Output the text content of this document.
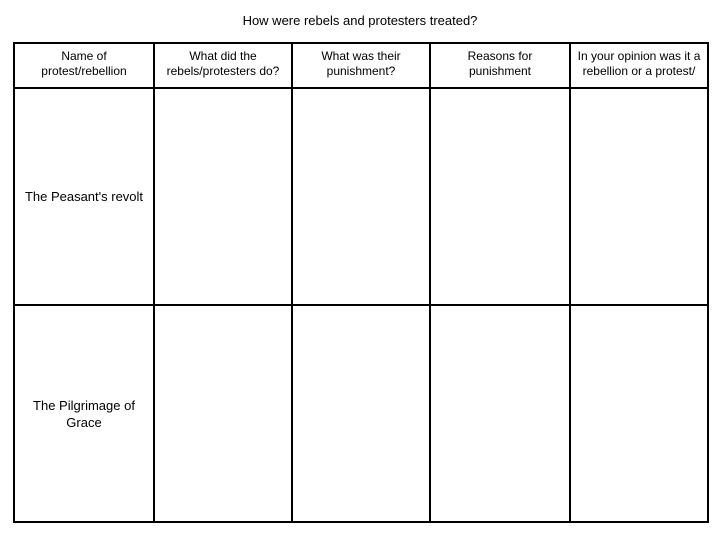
How were rebels and protesters treated?
Name of protest/rebellion	What did the rebels/protesters do?	What was their punishment?	Reasons for punishment	In your opinion was it a rebellion or a protest/

The Peasant's revolt				

The Pilgrimage of Grace				
